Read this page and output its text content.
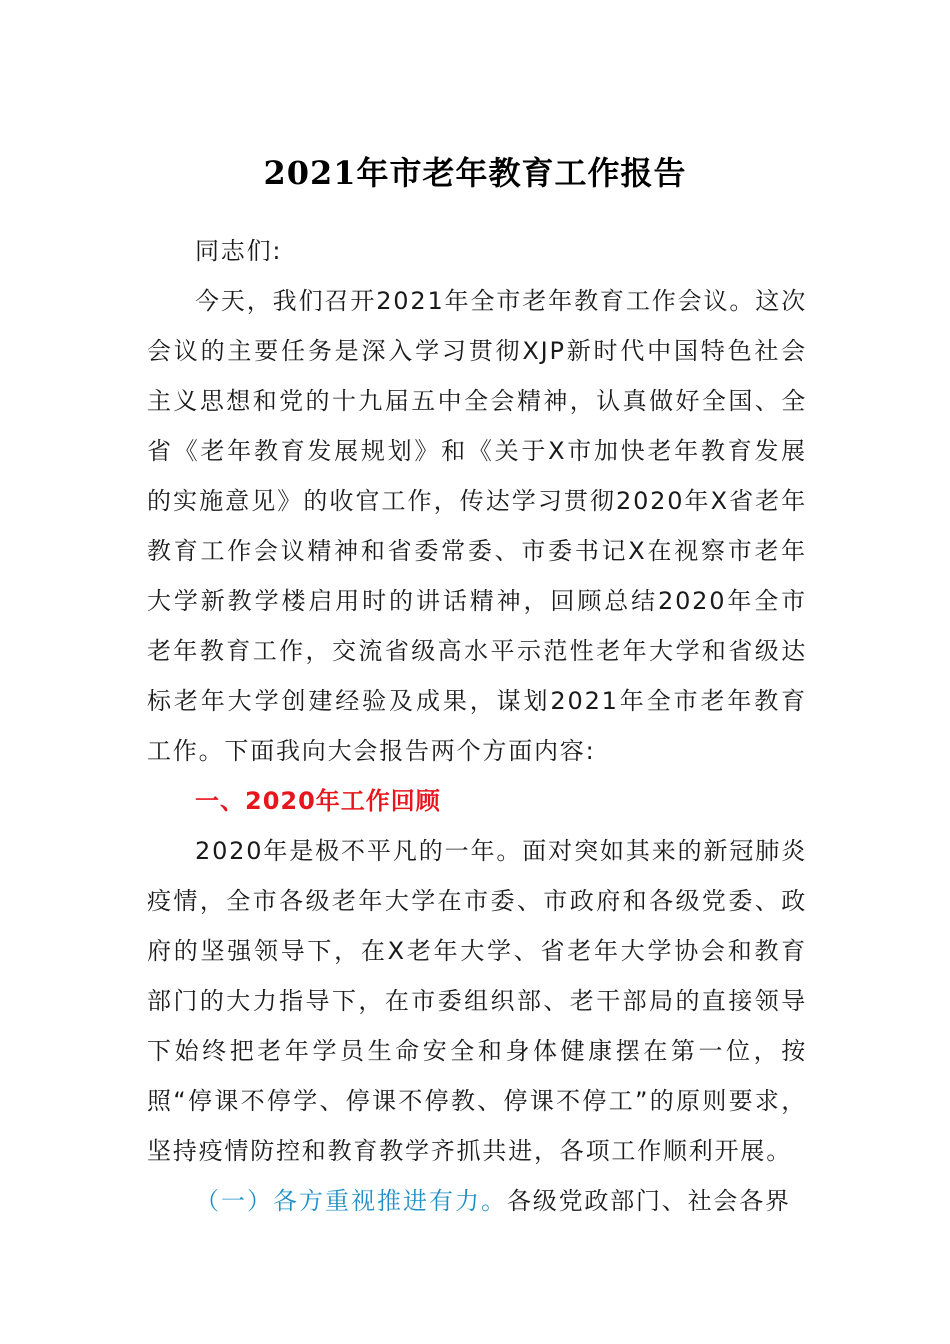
2021年市老年教育工作报告

同志们:

今天，我们召开2021年全市老年教育工作会议。这次会议的主要任务是深入学习贯彻XJP新时代中国特色社会主义思想和党的十九届五中全会精神，认真做好全国、全省《老年教育发展规划》和《关于X市加快老年教育发展的实施意见》的收官工作，传达学习贯彻2020年X省老年教育工作会议精神和省委常委、市委书记X在视察市老年大学新教学楼启用时的讲话精神，回顾总结2020年全市老年教育工作，交流省级高水平示范性老年大学和省级达标老年大学创建经验及成果，谋划2021年全市老年教育工作。下面我向大会报告两个方面内容:

一、2020年工作回顾

2020年是极不平凡的一年。面对突如其来的新冠肺炎疫情，全市各级老年大学在市委、市政府和各级党委、政府的坚强领导下，在X老年大学、省老年大学协会和教育部门的大力指导下，在市委组织部、老干部局的直接领导下始终把老年学员生命安全和身体健康摆在第一位，按照“停课不停学、停课不停教、停课不停工”的原则要求，坚持疫情防控和教育教学齐抓共进，各项工作顺利开展。

（一）各方重视推进有力。各级党政部门、社会各界
